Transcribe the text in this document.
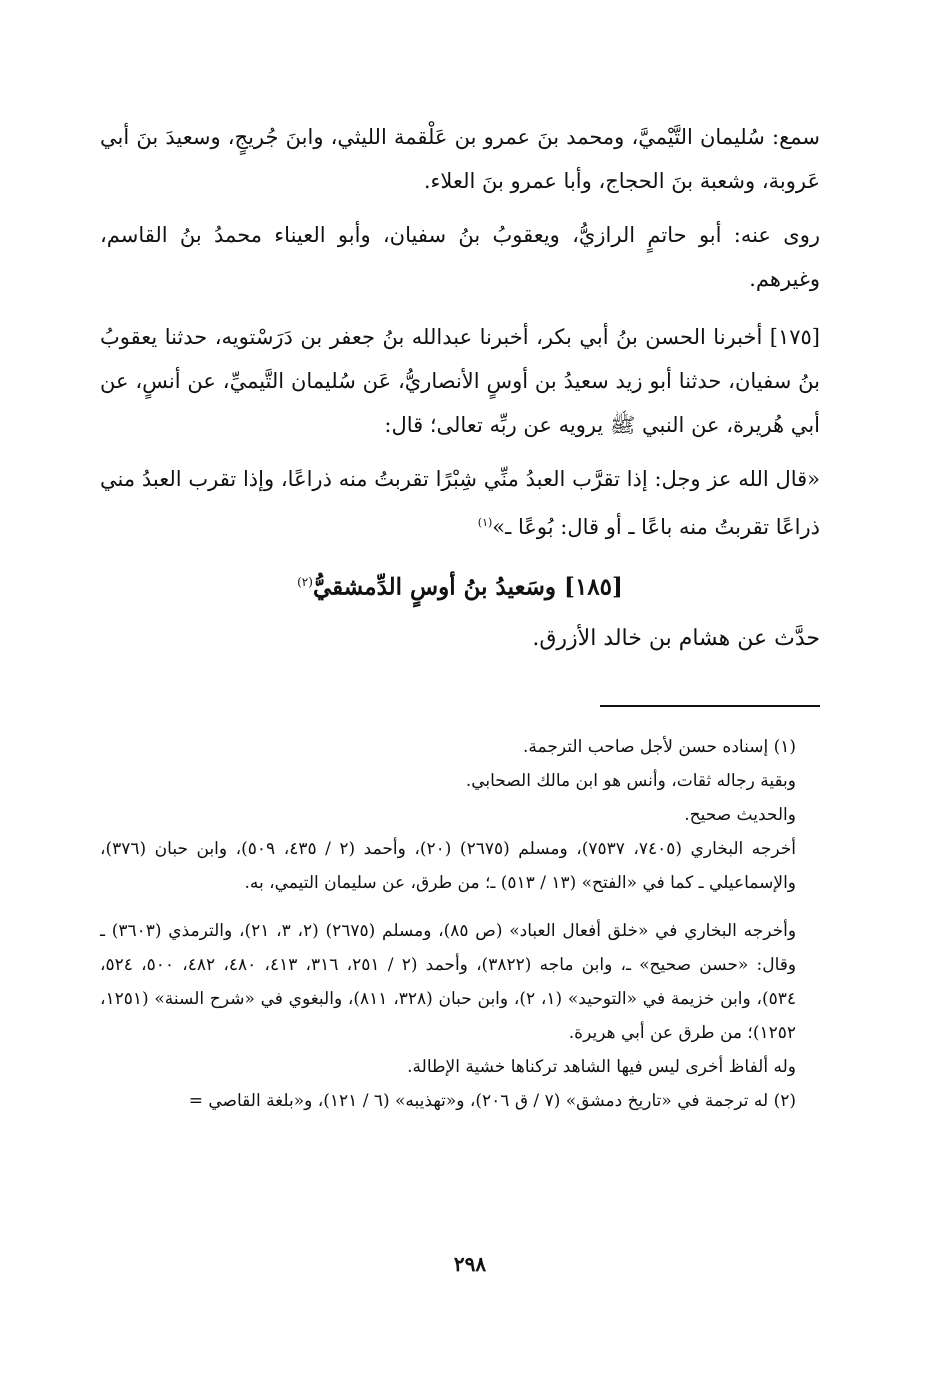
سمع: سُليمان التَّيْميَّ، ومحمد بنَ عمرو بن عَلْقمة الليثي، وابنَ جُريجٍ، وسعيدَ بنَ أبي عَروبة، وشعبة بنَ الحجاج، وأبا عمرو بنَ العلاء.

روى عنه: أبو حاتمٍ الرازيُّ، ويعقوبُ بنُ سفيان، وأبو العيناء محمدُ بنُ القاسم، وغيرهم.

[١٧٥] أخبرنا الحسن بنُ أبي بكر، أخبرنا عبدالله بنُ جعفر بن دَرَسْتويه، حدثنا يعقوبُ بنُ سفيان، حدثنا أبو زيد سعيدُ بن أوسٍ الأنصاريُّ، عَن سُليمان التَّيميِّ، عن أنسٍ، عن أبي هُريرة، عن النبي ﷺ يرويه عن ربِّه تعالى؛ قال:

«قال الله عز وجل: إذا تقرَّب العبدُ منِّي شِبْرًا تقربتُ منه ذراعًا، وإذا تقرب العبدُ مني ذراعًا تقربتُ منه باعًا ـ أو قال: بُوعًا ـ»$^{(١)}$

[١٨٥] وسَعيدُ بنُ أوسٍ الدِّمشقيُّ$^{(٢)}$

حدَّث عن هشام بن خالد الأزرق.

(١) إسناده حسن لأجل صاحب الترجمة.

وبقية رجاله ثقات، وأنس هو ابن مالك الصحابي.

والحديث صحيح.

أخرجه البخاري (٧٤٠٥، ٧٥٣٧)، ومسلم (٢٦٧٥) (٢٠)، وأحمد (٢ / ٤٣٥، ٥٠٩)، وابن حبان (٣٧٦)، والإسماعيلي ـ كما في «الفتح» (١٣ / ٥١٣) ـ؛ من طرق، عن سليمان التيمي، به.

وأخرجه البخاري في «خلق أفعال العباد» (ص ٨٥)، ومسلم (٢٦٧٥) (٢، ٣، ٢١)، والترمذي (٣٦٠٣) ـ وقال: «حسن صحيح» ـ، وابن ماجه (٣٨٢٢)، وأحمد (٢ / ٢٥١، ٣١٦، ٤١٣، ٤٨٠، ٤٨٢، ٥٠٠، ٥٢٤، ٥٣٤)، وابن خزيمة في «التوحيد» (١، ٢)، وابن حبان (٣٢٨، ٨١١)، والبغوي في «شرح السنة» (١٢٥١، ١٢٥٢)؛ من طرق عن أبي هريرة.

وله ألفاظ أخرى ليس فيها الشاهد تركناها خشية الإطالة.

(٢) له ترجمة في «تاريخ دمشق» (٧ / ق ٢٠٦)، و«تهذيبه» (٦ / ١٢١)، و«بلغة القاصي =

٢٩٨
